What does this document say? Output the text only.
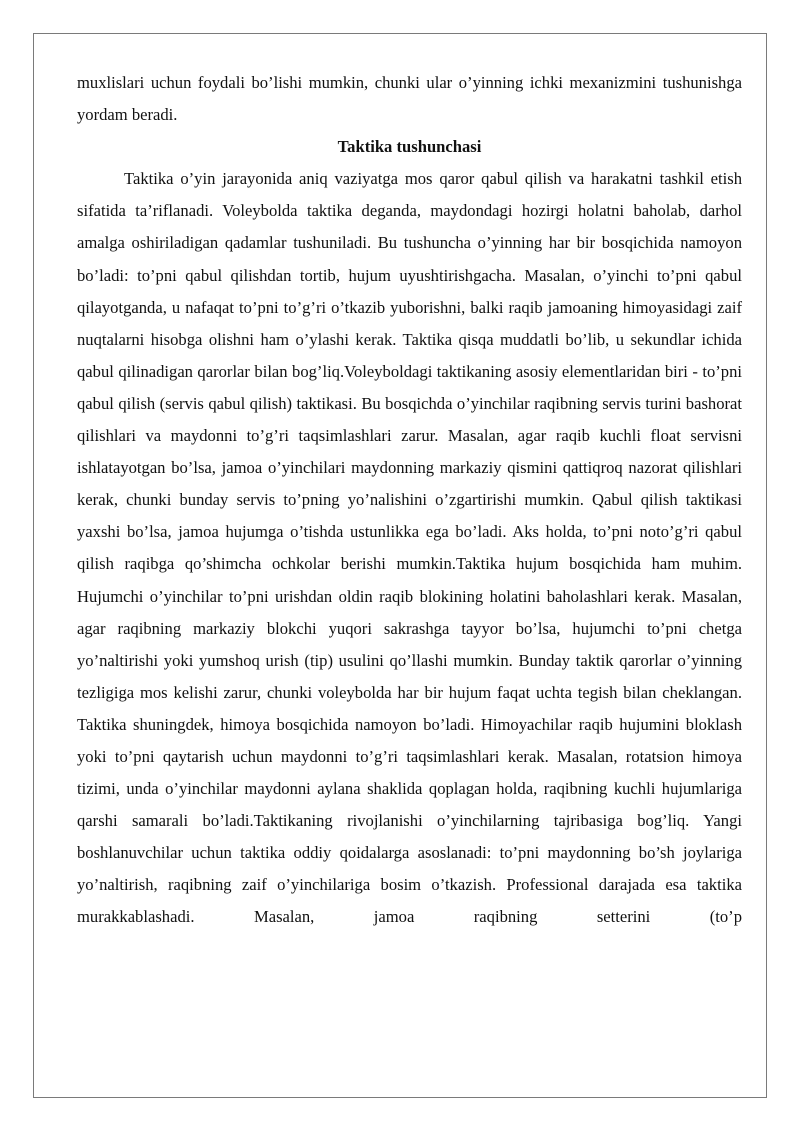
muxlislari uchun foydali bo’lishi mumkin, chunki ular o’yinning ichki mexanizmini tushunishga yordam beradi.

Taktika tushunchasi

Taktika o’yin jarayonida aniq vaziyatga mos qaror qabul qilish va harakatni tashkil etish sifatida ta’riflanadi. Voleybolda taktika deganda, maydondagi hozirgi holatni baholab, darhol amalga oshiriladigan qadamlar tushuniladi. Bu tushuncha o’yinning har bir bosqichida namoyon bo’ladi: to’pni qabul qilishdan tortib, hujum uyushtirishgacha. Masalan, o’yinchi to’pni qabul qilayotganda, u nafaqat to’pni to’g’ri o’tkazib yuborishni, balki raqib jamoaning himoyasidagi zaif nuqtalarni hisobga olishni ham o’ylashi kerak. Taktika qisqa muddatli bo’lib, u sekundlar ichida qabul qilinadigan qarorlar bilan bog’liq.Voleyboldagi taktikaning asosiy elementlaridan biri - to’pni qabul qilish (servis qabul qilish) taktikasi. Bu bosqichda o’yinchilar raqibning servis turini bashorat qilishlari va maydonni to’g’ri taqsimlashlari zarur. Masalan, agar raqib kuchli float servisni ishlatayotgan bo’lsa, jamoa o’yinchilari maydonning markaziy qismini qattiqroq nazorat qilishlari kerak, chunki bunday servis to’pning yo’nalishini o’zgartirishi mumkin. Qabul qilish taktikasi yaxshi bo’lsa, jamoa hujumga o’tishda ustunlikka ega bo’ladi. Aks holda, to’pni noto’g’ri qabul qilish raqibga qo’shimcha ochkolar berishi mumkin.Taktika hujum bosqichida ham muhim. Hujumchi o’yinchilar to’pni urishdan oldin raqib blokining holatini baholashlari kerak. Masalan, agar raqibning markaziy blokchi yuqori sakrashga tayyor bo’lsa, hujumchi to’pni chetga yo’naltirishi yoki yumshoq urish (tip) usulini qo’llashi mumkin. Bunday taktik qarorlar o’yinning tezligiga mos kelishi zarur, chunki voleybolda har bir hujum faqat uchta tegish bilan cheklangan. Taktika shuningdek, himoya bosqichida namoyon bo’ladi. Himoyachilar raqib hujumini bloklash yoki to’pni qaytarish uchun maydonni to’g’ri taqsimlashlari kerak. Masalan, rotatsion himoya tizimi, unda o’yinchilar maydonni aylana shaklida qoplagan holda, raqibning kuchli hujumlariga qarshi samarali bo’ladi.Taktikaning rivojlanishi o’yinchilarning tajribasiga bog’liq. Yangi boshlanuvchilar uchun taktika oddiy qoidalarga asoslanadi: to’pni maydonning bo’sh joylariga yo’naltirish, raqibning zaif o’yinchilariga bosim o’tkazish. Professional darajada esa taktika murakkablashadi. Masalan, jamoa raqibning setterini (to’p
